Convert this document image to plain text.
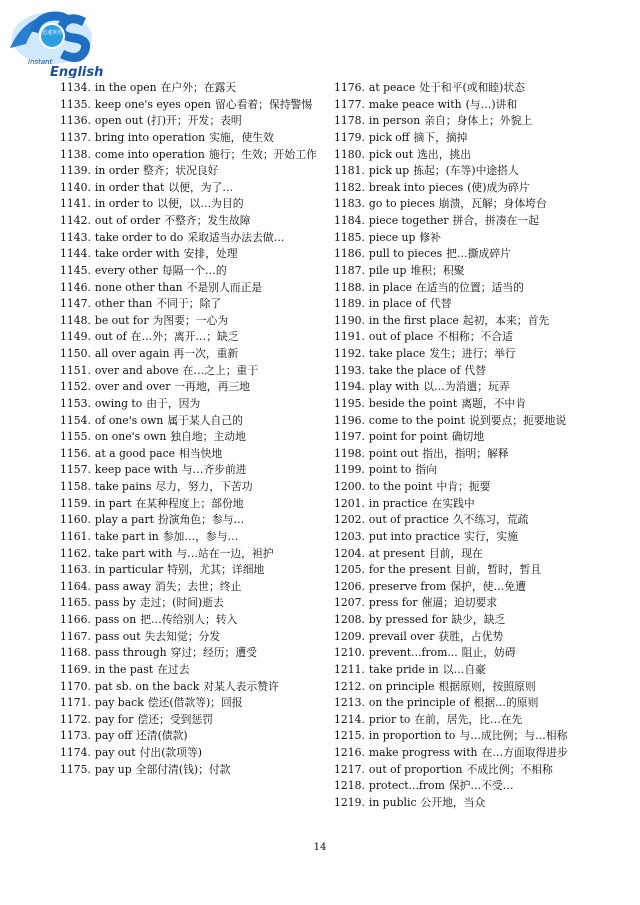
迅速英语
Instant
English
1134. in the open 在户外；在露天
1135. keep one's eyes open 留心看着；保持警惕
1136. open out (打)开；开发；表明
1137. bring into operation 实施，使生效
1138. come into operation 施行；生效；开始工作
1139. in order 整齐；状况良好
1140. in order that 以便，为了…
1141. in order to 以便，以…为目的
1142. out of order 不整齐；发生故障
1143. take order to do 采取适当办法去做…
1144. take order with 安排，处理
1145. every other 每隔一个…的
1146. none other than 不是别人而正是
1147. other than 不同于；除了
1148. be out for 为图要；一心为
1149. out of 在…外；离开…；缺乏
1150. all over again 再一次，重新
1151. over and above 在…之上；重于
1152. over and over 一再地，再三地
1153. owing to 由于，因为
1154. of one's own 属于某人自己的
1155. on one's own 独自地；主动地
1156. at a good pace 相当快地
1157. keep pace with 与…齐步前进
1158. take pains 尽力，努力，下苦功
1159. in part 在某种程度上；部份地
1160. play a part 扮演角色；参与…
1161. take part in 参加…，参与…
1162. take part with 与…站在一边，袒护
1163. in particular 特别，尤其；详细地
1164. pass away 消失；去世；终止
1165. pass by 走过；(时间)逝去
1166. pass on 把…传给别人；转入
1167. pass out 失去知觉；分发
1168. pass through 穿过；经历；遭受
1169. in the past 在过去
1170. pat sb. on the back 对某人表示赞许
1171. pay back 偿还(借款等)；回报
1172. pay for 偿还；受到惩罚
1173. pay off 还清(债款)
1174. pay out 付出(款项等)
1175. pay up 全部付清(钱)；付款
1176. at peace 处于和平(或和睦)状态
1177. make peace with (与…)讲和
1178. in person 亲自；身体上；外貌上
1179. pick off 摘下，摘掉
1180. pick out 选出，挑出
1181. pick up 拣起；(车等)中途搭人
1182. break into pieces (使)成为碎片
1183. go to pieces 崩溃，瓦解；身体垮台
1184. piece together 拼合，拼凑在一起
1185. piece up 修补
1186. pull to pieces 把…撕成碎片
1187. pile up 堆积；积聚
1188. in place 在适当的位置；适当的
1189. in place of 代替
1190. in the first place 起初，本来；首先
1191. out of place 不相称；不合适
1192. take place 发生；进行；举行
1193. take the place of 代替
1194. play with 以…为消遣；玩弄
1195. beside the point 离题，不中肯
1196. come to the point 说到要点；扼要地说
1197. point for point 确切地
1198. point out 指出，指明；解释
1199. point to 指向
1200. to the point 中肯；扼要
1201. in practice 在实践中
1202. out of practice 久不练习，荒疏
1203. put into practice 实行，实施
1204. at present 目前，现在
1205. for the present 目前，暂时，暂且
1206. preserve from 保护，使…免遭
1207. press for 催逼；迫切要求
1208. by pressed for 缺少，缺乏
1209. prevail over 获胜，占优势
1210. prevent...from... 阻止，妨碍
1211. take pride in 以…自豪
1212. on principle 根据原则，按照原则
1213. on the principle of 根据…的原则
1214. prior to 在前，居先，比…在先
1215. in proportion to 与…成比例；与…相称
1216. make progress with 在…方面取得进步
1217. out of proportion 不成比例；不相称
1218. protect...from 保护…不受…
1219. in public 公开地，当众
14
